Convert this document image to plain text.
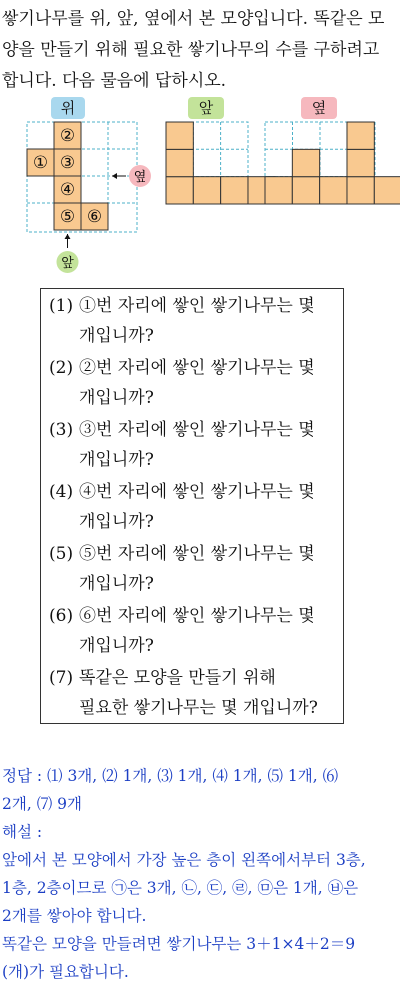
쌓기나무를 위, 앞, 옆에서 본 모양입니다. 똑같은 모
양을 만들기 위해 필요한 쌓기나무의 수를 구하려고
합니다. 다음 물음에 답하시오.
위	앞	옆
②
① ③
④
⑤ ⑥
옆
앞
(1) ①번 자리에 쌓인 쌓기나무는 몇
개입니까?
(2) ②번 자리에 쌓인 쌓기나무는 몇
개입니까?
(3) ③번 자리에 쌓인 쌓기나무는 몇
개입니까?
(4) ④번 자리에 쌓인 쌓기나무는 몇
개입니까?
(5) ⑤번 자리에 쌓인 쌓기나무는 몇
개입니까?
(6) ⑥번 자리에 쌓인 쌓기나무는 몇
개입니까?
(7) 똑같은 모양을 만들기 위해
필요한 쌓기나무는 몇 개입니까?
정답 : ⑴ 3개, ⑵ 1개, ⑶ 1개, ⑷ 1개, ⑸ 1개, ⑹
2개, ⑺ 9개
해설 :
앞에서 본 모양에서 가장 높은 층이 왼쪽에서부터 3층,
1층, 2층이므로 ㉠은 3개, ㉡, ㉢, ㉣, ㉤은 1개, ㉥은
2개를 쌓아야 합니다.
똑같은 모양을 만들려면 쌓기나무는 3＋1×4＋2＝9
(개)가 필요합니다.
